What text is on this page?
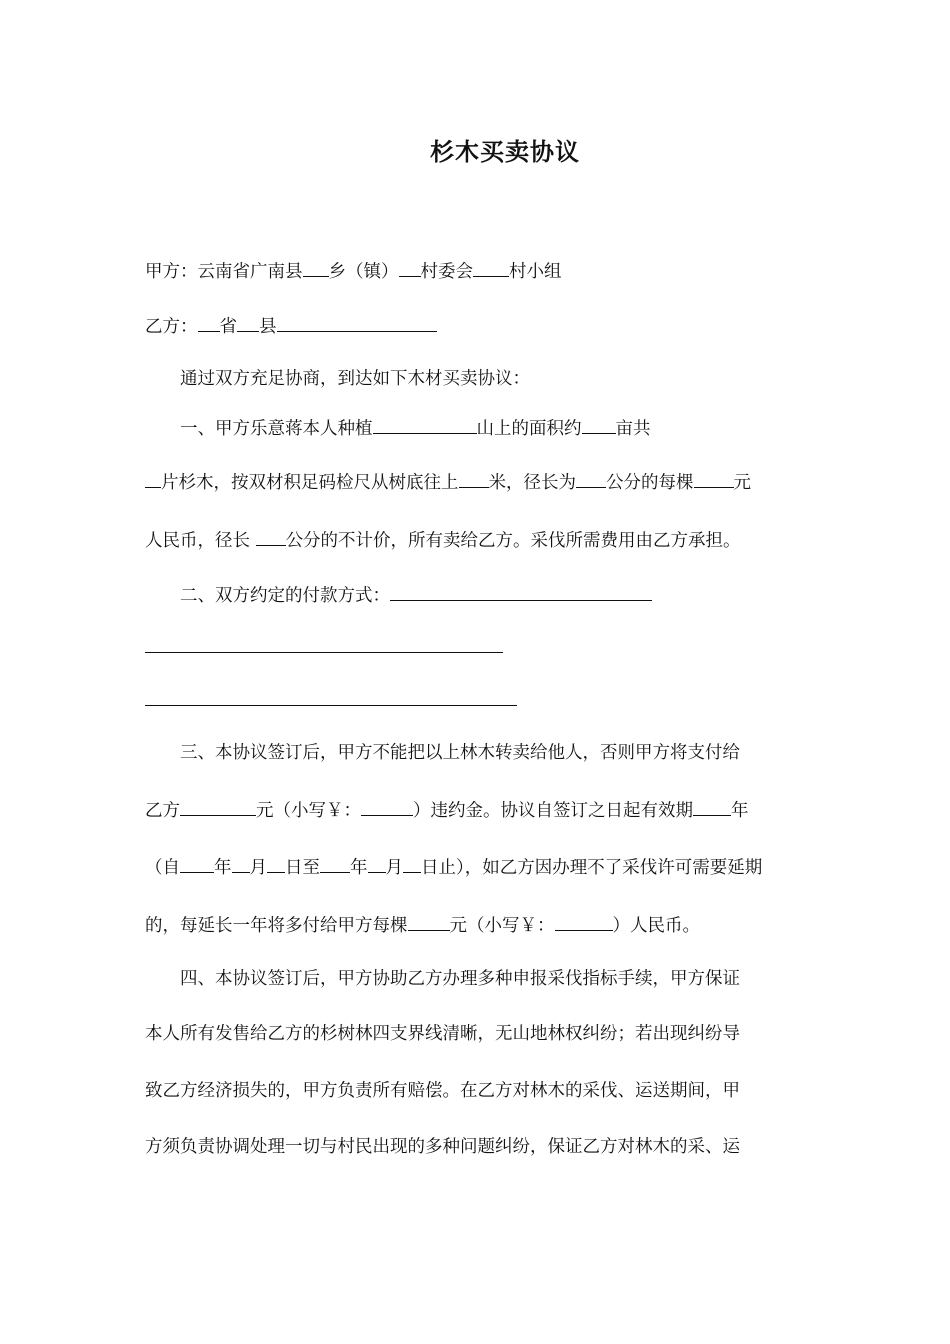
杉木买卖协议
甲方：云南省广南县 乡（镇） 村委会 村小组
乙方： 省 县
通过双方充足协商，到达如下木材买卖协议：
一、甲方乐意蒋本人种植	山上的面积约 亩共
片杉木，按双材积足码检尺从树底往上 米，径长为 公分的每棵 元
人民币，径长 公分的不计价，所有卖给乙方。采伐所需费用由乙方承担。
二、双方约定的付款方式：
三、本协议签订后，甲方不能把以上林木转卖给他人，否则甲方将支付给
乙方	元（小写￥：	）违约金。协议自签订之日起有效期 年
（自 年 月 日至 年 月 日止），如乙方因办理不了采伐许可需要延期
的，每延长一年将多付给甲方每棵 元（小写￥：	）人民币。
四、本协议签订后，甲方协助乙方办理多种申报采伐指标手续，甲方保证
本人所有发售给乙方的杉树林四支界线清晰，无山地林权纠纷；若出现纠纷导
致乙方经济损失的，甲方负责所有赔偿。在乙方对林木的采伐、运送期间，甲
方须负责协调处理一切与村民出现的多种问题纠纷，保证乙方对林木的采、运
